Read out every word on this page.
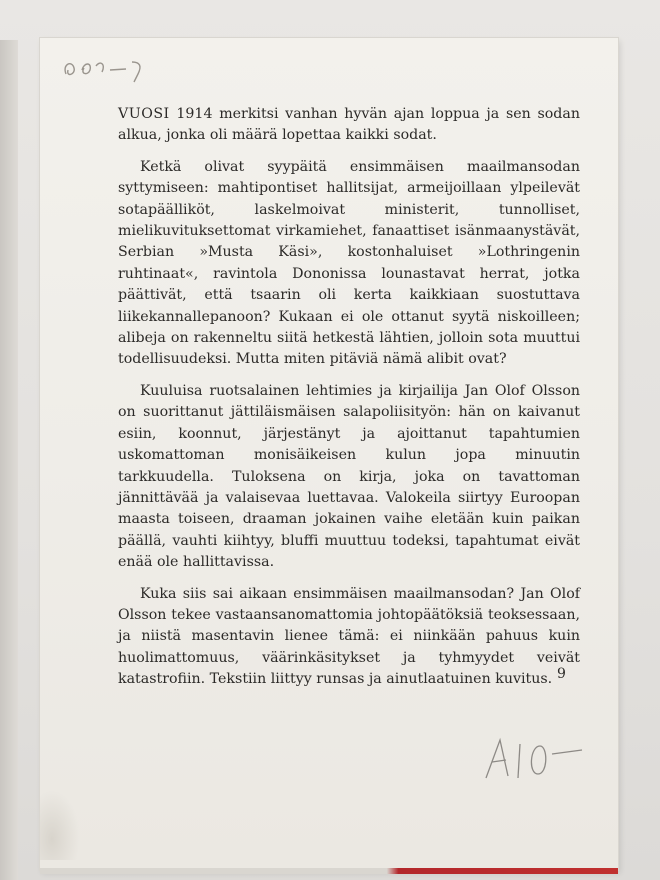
VUOSI 1914 merkitsi vanhan hyvän ajan loppua ja sen sodan alkua, jonka oli määrä lopettaa kaikki sodat.

Ketkä olivat syypäitä ensimmäisen maailmansodan syttymiseen: mahtipontiset hallitsijat, armeijoillaan ylpeilevät sotapäälliköt, laskelmoivat ministerit, tunnolliset, mielikuvituksettomat virkamiehet, fanaattiset isänmaanystävät, Serbian »Musta Käsi», kostonhaluiset »Lothringenin ruhtinaat«, ravintola Dononissa lounastavat herrat, jotka päättivät, että tsaarin oli kerta kaikkiaan suostuttava liikekannallepanoon? Kukaan ei ole ottanut syytä niskoilleen; alibeja on rakenneltu siitä hetkestä lähtien, jolloin sota muuttui todellisuudeksi. Mutta miten pitäviä nämä alibit ovat?

Kuuluisa ruotsalainen lehtimies ja kirjailija Jan Olof Olsson on suorittanut jättiläismäisen salapoliisityön: hän on kaivanut esiin, koonnut, järjestänyt ja ajoittanut tapahtumien uskomattoman monisäikeisen kulun jopa minuutin tarkkuudella. Tuloksena on kirja, joka on tavattoman jännittävää ja valaisevaa luettavaa. Valokeila siirtyy Euroopan maasta toiseen, draaman jokainen vaihe eletään kuin paikan päällä, vauhti kiihtyy, bluffi muuttuu todeksi, tapahtumat eivät enää ole hallittavissa.

Kuka siis sai aikaan ensimmäisen maailmansodan? Jan Olof Olsson tekee vastaansanomattomia johtopäätöksiä teoksessaan, ja niistä masentavin lienee tämä: ei niinkään pahuus kuin huolimattomuus, väärinkäsitykset ja tyhmyydet veivät katastrofiin. Tekstiin liittyy runsas ja ainutlaatuinen kuvitus. 9
